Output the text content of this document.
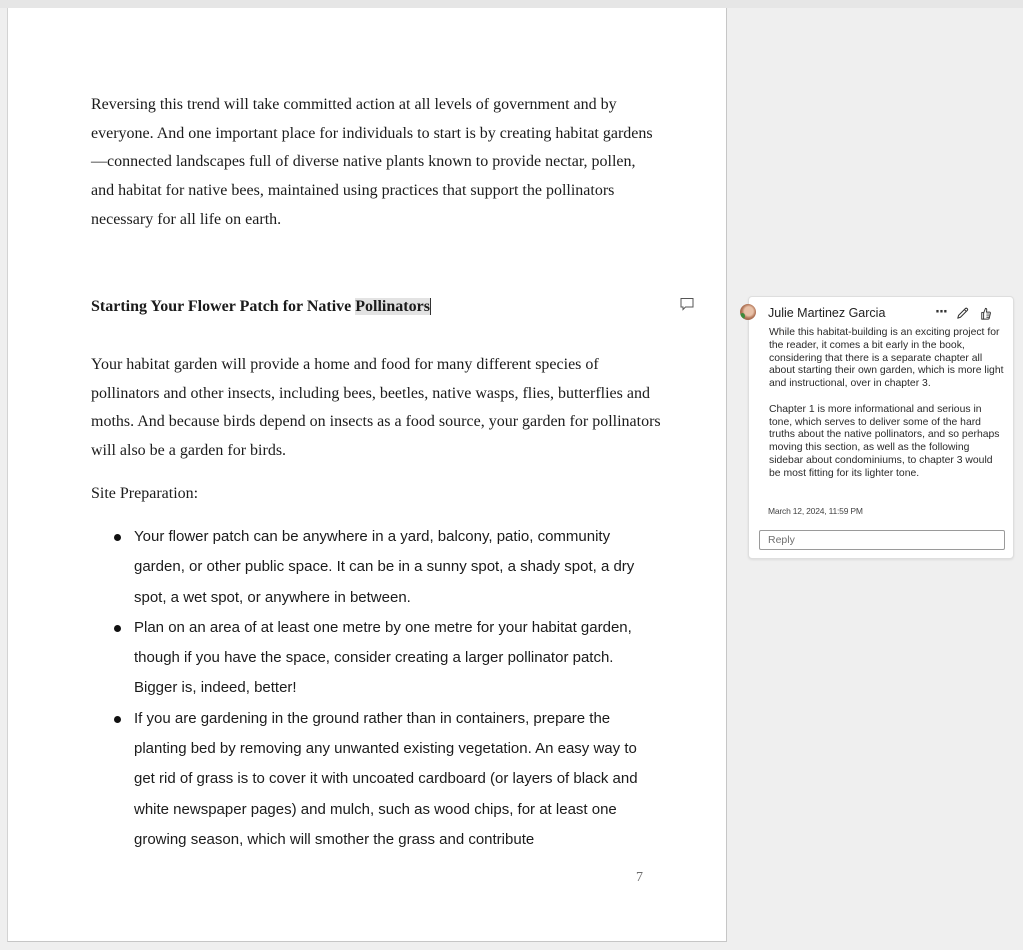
Reversing this trend will take committed action at all levels of government and by everyone. And one important place for individuals to start is by creating habitat gardens—connected landscapes full of diverse native plants known to provide nectar, pollen, and habitat for native bees, maintained using practices that support the pollinators necessary for all life on earth.

Starting Your Flower Patch for Native Pollinators

Your habitat garden will provide a home and food for many different species of pollinators and other insects, including bees, beetles, native wasps, flies, butterflies and moths. And because birds depend on insects as a food source, your garden for pollinators will also be a garden for birds.

Site Preparation:
Your flower patch can be anywhere in a yard, balcony, patio, community garden, or other public space. It can be in a sunny spot, a shady spot, a dry spot, a wet spot, or anywhere in between.
Plan on an area of at least one metre by one metre for your habitat garden, though if you have the space, consider creating a larger pollinator patch. Bigger is, indeed, better!
If you are gardening in the ground rather than in containers, prepare the planting bed by removing any unwanted existing vegetation. An easy way to get rid of grass is to cover it with uncoated cardboard (or layers of black and white newspaper pages) and mulch, such as wood chips, for at least one growing season, which will smother the grass and contribute
7
Julie Martinez Garcia	···

While this habitat-building is an exciting project for the reader, it comes a bit early in the book, considering that there is a separate chapter all about starting their own garden, which is more light and instructional, over in chapter 3.

Chapter 1 is more informational and serious in tone, which serves to deliver some of the hard truths about the native pollinators, and so perhaps moving this section, as well as the following sidebar about condominiums, to chapter 3 would be most fitting for its lighter tone.

March 12, 2024, 11:59 PM
Reply
